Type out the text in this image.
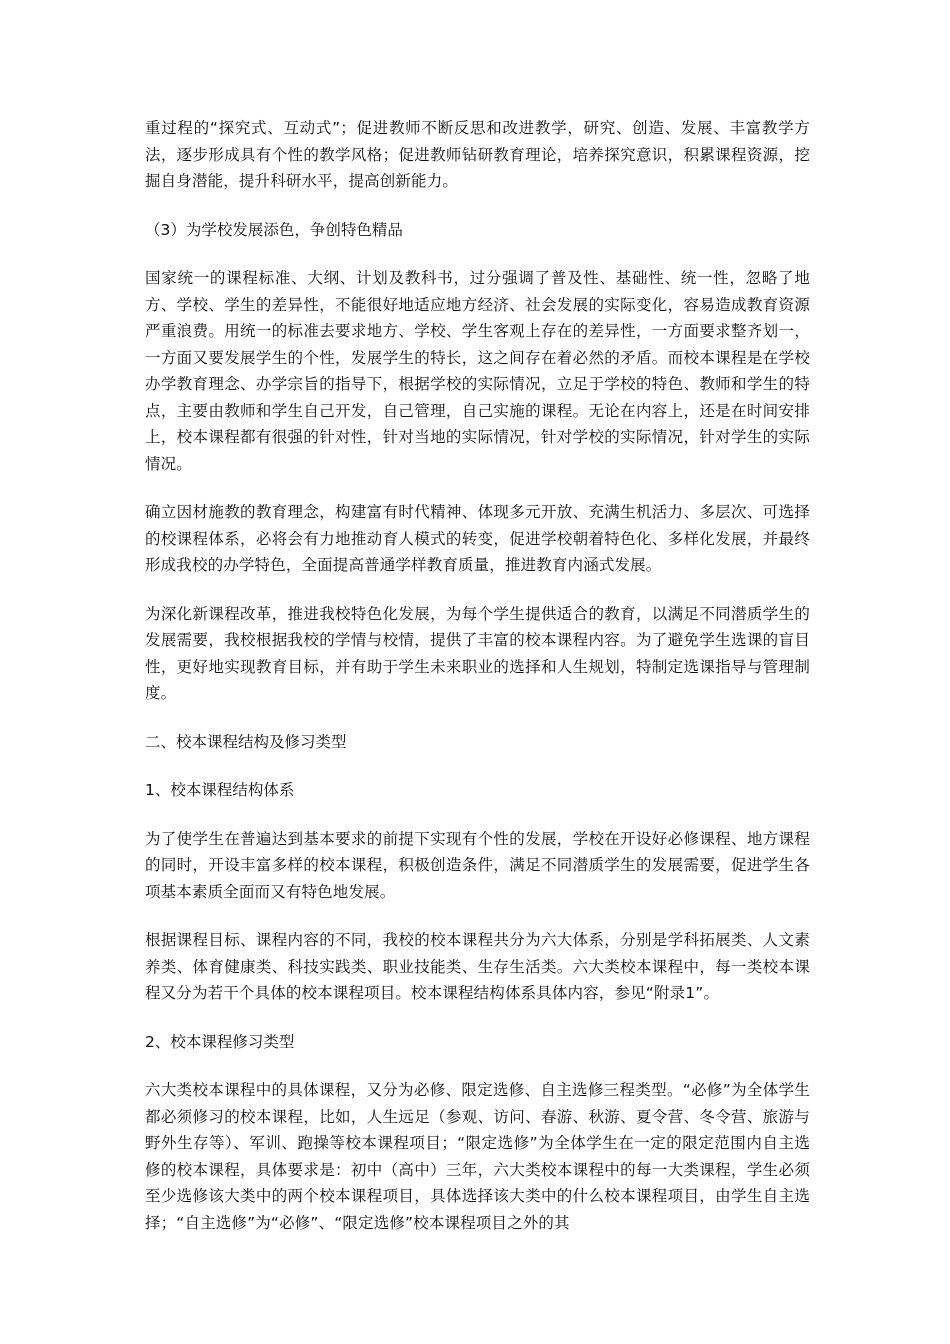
重过程的“探究式、互动式”；促进教师不断反思和改进教学，研究、创造、发展、丰富教学方法，逐步形成具有个性的教学风格；促进教师钻研教育理论，培养探究意识，积累课程资源，挖掘自身潜能，提升科研水平，提高创新能力。

（3）为学校发展添色，争创特色精品

国家统一的课程标准、大纲、计划及教科书，过分强调了普及性、基础性、统一性，忽略了地方、学校、学生的差异性，不能很好地适应地方经济、社会发展的实际变化，容易造成教育资源严重浪费。用统一的标准去要求地方、学校、学生客观上存在的差异性，一方面要求整齐划一，一方面又要发展学生的个性，发展学生的特长，这之间存在着必然的矛盾。而校本课程是在学校办学教育理念、办学宗旨的指导下，根据学校的实际情况，立足于学校的特色、教师和学生的特点，主要由教师和学生自己开发，自己管理，自己实施的课程。无论在内容上，还是在时间安排上，校本课程都有很强的针对性，针对当地的实际情况，针对学校的实际情况，针对学生的实际情况。

确立因材施教的教育理念，构建富有时代精神、体现多元开放、充满生机活力、多层次、可选择的校课程体系，必将会有力地推动育人模式的转变，促进学校朝着特色化、多样化发展，并最终形成我校的办学特色，全面提高普通学样教育质量，推进教育内涵式发展。

为深化新课程改革，推进我校特色化发展，为每个学生提供适合的教育，以满足不同潜质学生的发展需要，我校根据我校的学情与校情，提供了丰富的校本课程内容。为了避免学生选课的盲目性，更好地实现教育目标，并有助于学生未来职业的选择和人生规划，特制定选课指导与管理制度。

二、校本课程结构及修习类型

1、校本课程结构体系

为了使学生在普遍达到基本要求的前提下实现有个性的发展，学校在开设好必修课程、地方课程的同时，开设丰富多样的校本课程，积极创造条件，满足不同潜质学生的发展需要，促进学生各项基本素质全面而又有特色地发展。

根据课程目标、课程内容的不同，我校的校本课程共分为六大体系，分别是学科拓展类、人文素养类、体育健康类、科技实践类、职业技能类、生存生活类。六大类校本课程中，每一类校本课程又分为若干个具体的校本课程项目。校本课程结构体系具体内容，参见“附录1”。

2、校本课程修习类型

六大类校本课程中的具体课程，又分为必修、限定选修、自主选修三程类型。“必修”为全体学生都必须修习的校本课程，比如，人生远足（参观、访问、春游、秋游、夏令营、冬令营、旅游与野外生存等）、军训、跑操等校本课程项目；“限定选修”为全体学生在一定的限定范围内自主选修的校本课程，具体要求是：初中（高中）三年，六大类校本课程中的每一大类课程，学生必须至少选修该大类中的两个校本课程项目，具体选择该大类中的什么校本课程项目，由学生自主选择；“自主选修”为“必修”、“限定选修”校本课程项目之外的其
